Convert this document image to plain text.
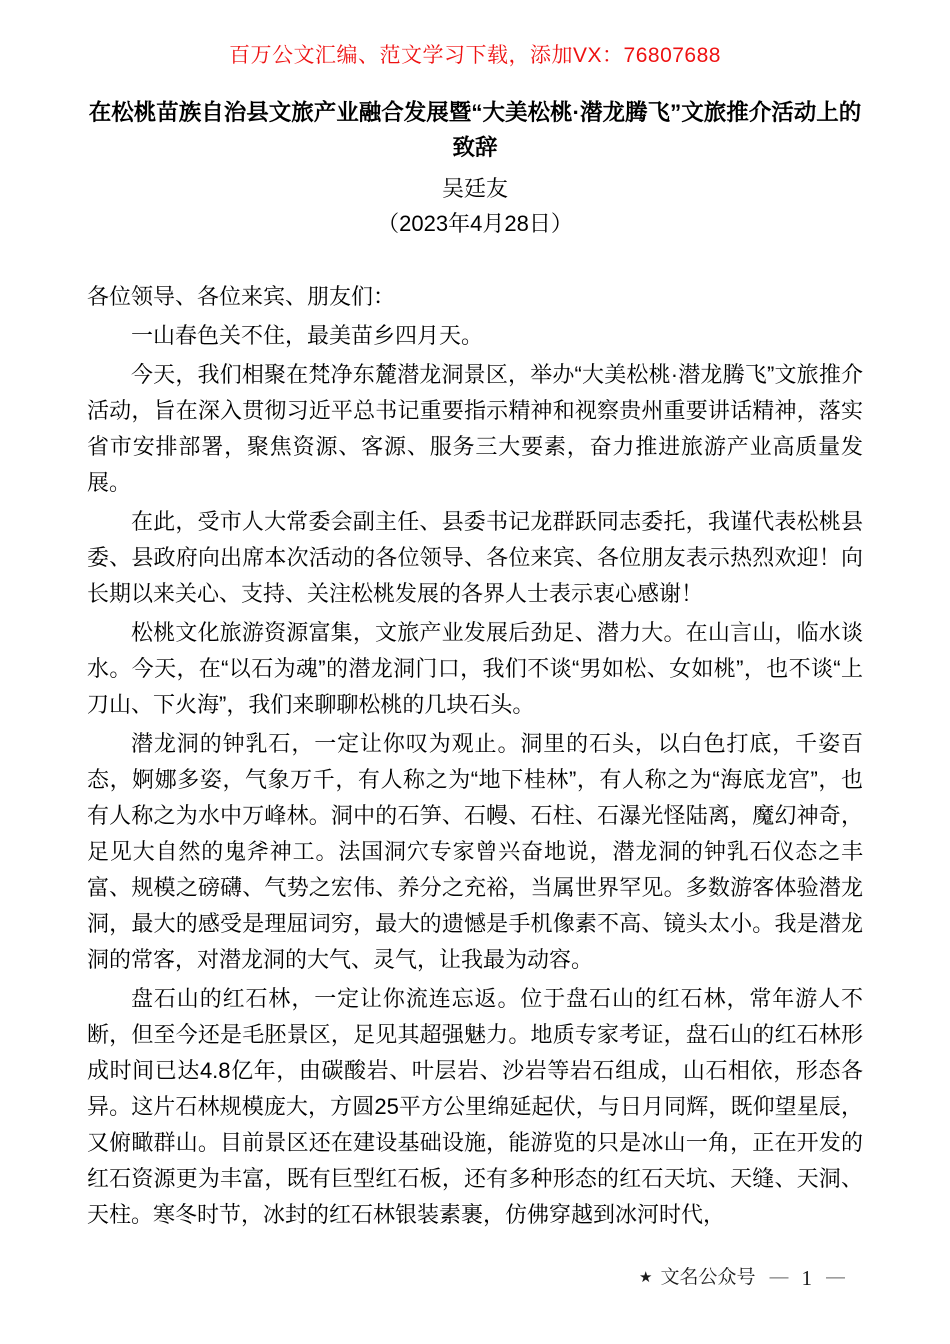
百万公文汇编、范文学习下载，添加VX：76807688
在松桃苗族自治县文旅产业融合发展暨“大美松桃·潜龙腾飞”文旅推介活动上的致辞
吴廷友
（2023年4月28日）

各位领导、各位来宾、朋友们：

一山春色关不住，最美苗乡四月天。

今天，我们相聚在梵净东麓潜龙洞景区，举办“大美松桃·潜龙腾飞”文旅推介活动，旨在深入贯彻习近平总书记重要指示精神和视察贵州重要讲话精神，落实省市安排部署，聚焦资源、客源、服务三大要素，奋力推进旅游产业高质量发展。

在此，受市人大常委会副主任、县委书记龙群跃同志委托，我谨代表松桃县委、县政府向出席本次活动的各位领导、各位来宾、各位朋友表示热烈欢迎！向长期以来关心、支持、关注松桃发展的各界人士表示衷心感谢！

松桃文化旅游资源富集，文旅产业发展后劲足、潜力大。在山言山，临水谈水。今天，在“以石为魂”的潜龙洞门口，我们不谈“男如松、女如桃”，也不谈“上刀山、下火海”，我们来聊聊松桃的几块石头。

潜龙洞的钟乳石，一定让你叹为观止。洞里的石头，以白色打底，千姿百态，婀娜多姿，气象万千，有人称之为“地下桂林”，有人称之为“海底龙宫”，也有人称之为水中万峰林。洞中的石笋、石幔、石柱、石瀑光怪陆离，魔幻神奇，足见大自然的鬼斧神工。法国洞穴专家曾兴奋地说，潜龙洞的钟乳石仪态之丰富、规模之磅礴、气势之宏伟、养分之充裕，当属世界罕见。多数游客体验潜龙洞，最大的感受是理屈词穷，最大的遗憾是手机像素不高、镜头太小。我是潜龙洞的常客，对潜龙洞的大气、灵气，让我最为动容。

盘石山的红石林，一定让你流连忘返。位于盘石山的红石林，常年游人不断，但至今还是毛胚景区，足见其超强魅力。地质专家考证，盘石山的红石林形成时间已达4.8亿年，由碳酸岩、叶层岩、沙岩等岩石组成，山石相依，形态各异。这片石林规模庞大，方圆25平方公里绵延起伏，与日月同辉，既仰望星辰，又俯瞰群山。目前景区还在建设基础设施，能游览的只是冰山一角，正在开发的红石资源更为丰富，既有巨型红石板，还有多种形态的红石天坑、天缝、天洞、天柱。寒冬时节，冰封的红石林银装素裹，仿佛穿越到冰河时代，

★ 文名公众号 — 1 —
